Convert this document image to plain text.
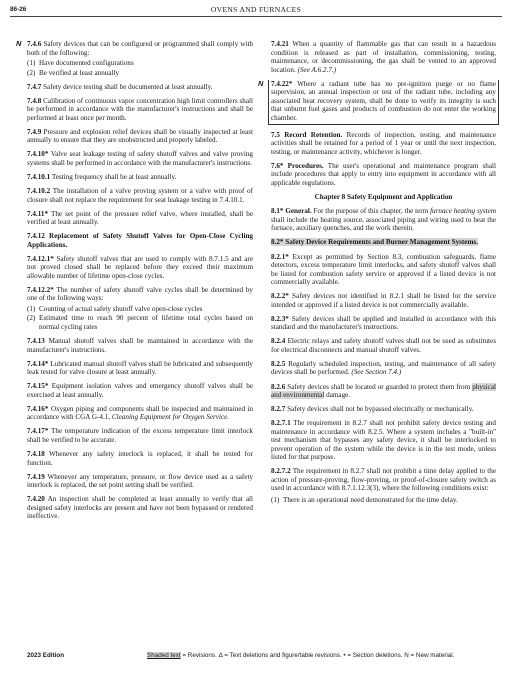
86-26	OVENS AND FURNACES
N 7.4.6 Safety devices that can be configured or programmed shall comply with both of the following:
(1) Have documented configurations
(2) Be verified at least annually
7.4.7 Safety device testing shall be documented at least annually.
7.4.8 Calibration of continuous vapor concentration high limit controllers shall be performed in accordance with the manufacturer's instructions and shall be performed at least once per month.
7.4.9 Pressure and explosion relief devices shall be visually inspected at least annually to ensure that they are unobstructed and properly labeled.
7.4.10* Valve seat leakage testing of safety shutoff valves and valve proving systems shall be performed in accordance with the manufacturer's instructions.
7.4.10.1 Testing frequency shall be at least annually.
7.4.10.2 The installation of a valve proving system or a valve with proof of closure shall not replace the requirement for seat leakage testing in 7.4.10.1.
7.4.11* The set point of the pressure relief valve, where installed, shall be verified at least annually.
7.4.12 Replacement of Safety Shutoff Valves for Open-Close Cycling Applications.
7.4.12.1* Safety shutoff valves that are used to comply with 8.7.1.5 and are not proved closed shall be replaced before they exceed their maximum allowable number of lifetime open-close cycles.
7.4.12.2* The number of safety shutoff valve cycles shall be determined by one of the following ways:
(1) Counting of actual safety shutoff valve open-close cycles
(2) Estimated time to reach 90 percent of lifetime total cycles based on normal cycling rates
7.4.13 Manual shutoff valves shall be maintained in accordance with the manufacturer's instructions.
7.4.14* Lubricated manual shutoff valves shall be lubricated and subsequently leak tested for valve closure at least annually.
7.4.15* Equipment isolation valves and emergency shutoff valves shall be exercised at least annually.
7.4.16* Oxygen piping and components shall be inspected and maintained in accordance with CGA G-4.1, Cleaning Equipment for Oxygen Service.
7.4.17* The temperature indication of the excess temperature limit interlock shall be verified to be accurate.
7.4.18 Whenever any safety interlock is replaced, it shall be tested for function.
7.4.19 Whenever any temperature, pressure, or flow device used as a safety interlock is replaced, the set point setting shall be verified.
7.4.20 An inspection shall be completed at least annually to verify that all designed safety interlocks are present and have not been bypassed or rendered ineffective.
7.4.21 When a quantity of flammable gas that can result in a hazardous condition is released as part of installation, commissioning, testing, maintenance, or decommissioning, the gas shall be vented to an approved location. (See A.6.2.7.)
N 7.4.22* Where a radiant tube has no pre-ignition purge or no flame supervision, an annual inspection or test of the radiant tube, including any associated heat recovery system, shall be done to verify its integrity is such that unburnt fuel gases and products of combustion do not enter the working chamber.
7.5 Record Retention. Records of inspection, testing, and maintenance activities shall be retained for a period of 1 year or until the next inspection, testing, or maintenance activity, whichever is longer.
7.6* Procedures. The user's operational and maintenance program shall include procedures that apply to entry into equipment in accordance with all applicable regulations.
Chapter 8 Safety Equipment and Application
8.1* General. For the purpose of this chapter, the term furnace heating system shall include the heating source, associated piping and wiring used to heat the furnace, auxiliary quenches, and the work therein.
8.2* Safety Device Requirements and Burner Management Systems.
8.2.1* Except as permitted by Section 8.3, combustion safeguards, flame detectors, excess temperature limit interlocks, and safety shutoff valves shall be listed for combustion safety service or approved if a listed device is not commercially available.
8.2.2* Safety devices not identified in 8.2.1 shall be listed for the service intended or approved if a listed device is not commercially available.
8.2.3* Safety devices shall be applied and installed in accordance with this standard and the manufacturer's instructions.
8.2.4 Electric relays and safety shutoff valves shall not be used as substitutes for electrical disconnects and manual shutoff valves.
8.2.5 Regularly scheduled inspection, testing, and maintenance of all safety devices shall be performed. (See Section 7.4.)
8.2.6 Safety devices shall be located or guarded to protect them from physical and environmental damage.
8.2.7 Safety devices shall not be bypassed electrically or mechanically.
8.2.7.1 The requirement in 8.2.7 shall not prohibit safety device testing and maintenance in accordance with 8.2.5. Where a system includes a "built-in" test mechanism that bypasses any safety device, it shall be interlocked to prevent operation of the system while the device is in the test mode, unless listed for that purpose.
8.2.7.2 The requirement in 8.2.7 shall not prohibit a time delay applied to the action of pressure-proving, flow-proving, or proof-of-closure safety switch as used in accordance with 8.7.1.12.3(3), where the following conditions exist:
(1) There is an operational need demonstrated for the time delay.
2023 Edition	Shaded text = Revisions. Δ = Text deletions and figure/table revisions. • = Section deletions. N = New material.
